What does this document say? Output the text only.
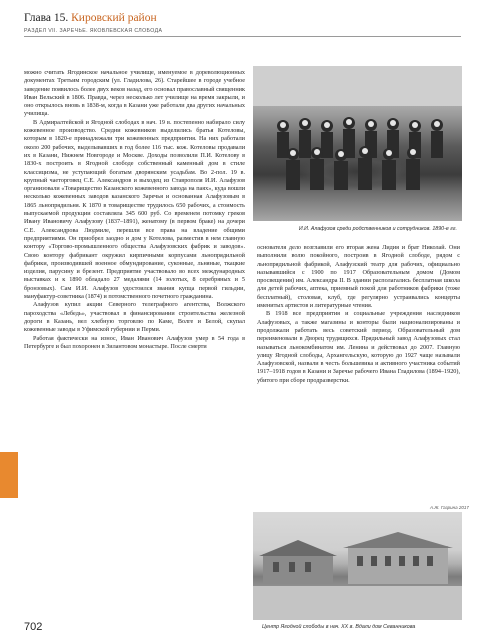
Глава 15. Кировский район
РАЗДЕЛ VII. ЗАРЕЧЬЕ. ЯКОВЛЕВСКАЯ СЛОБОДА

можно считать Ягодинское начальное училище, именуемое в дореволюционных документах Третьим городским (ул. Гладилова, 26). Старейшее в городе учебное заведение появилось более двух веков назад, его основал православный священник Иван Вельский в 1806. Правда, через несколько лет училище на время закрыли, и оно открылось вновь в 1838-м, когда в Казани уже работали два других начальных училища.

В Адмиралтейской и Ягодной слободах в нач. 19 в. постепенно набирало силу кожевенное производство. Средни кожевников выделились братья Котеловы, которым в 1820-е принадлежали три кожевенных предприятия. На них работали около 200 рабочих, выделывавших в год более 116 тыс. кож. Котеловы продавали их в Казани, Нижнем Новгороде и Москве. Доходы позволили П.И. Котелову в 1830-х построить в Ягодной слободе собственный каменный дом в стиле классицизма, не уступающий богатым дворянским усадьбам. Во 2-пол. 19 в. крупный чаеторговец С.Е. Александров и выходец из Ставрополя И.И. Алафузов организовали «Товарищество Казанского кожевенного завода на паях», куда вошли несколько кожевенных заводов казанского Заречья и основанная Алафузовым в 1865 льнопрядильня. К 1870 в товариществе трудилось 650 рабочих, а стоимость выпускаемой продукции составляла 345 600 руб. Со временем потомку греков Ивану Ивановичу Алафузову (1837–1891), женатому (в первом браке) на дочери С.Е. Александрова Людмиле, перешли все права на владение общими предприятиями. Он приобрел заодно и дом у Котелова, разместив в нем главную контору «Торгово-промышленного общества Алафузовских фабрик и заводов». Свою контору фабрикант окружил кирпичными корпусами льнопрядильной фабрики, производившей военное обмундирование, суконные, льняные, ткацкие изделия, парусину и брезент. Предприятие участвовало во всех международных выставках и к 1890 обладало 27 медалями (14 золотых, 8 серебряных и 5 бронзовых). Сам И.И. Алафузов удостоился звания купца первой гильдии, мануфактур-советника (1874) и потомственного почетного гражданина.

Алафузов купил акции Северного телеграфного агентства, Волжского пароходства «Лебедь», участвовал в финансировании строительства железной дороги в Казань, вел хлебную торговлю по Каме, Волге и Белой, скупал кожевенные заводы в Уфимской губернии и Перми.

Работая фактически на износ, Иван Иванович Алафузов умер в 54 года в Петербурге и был похоронен в Зилантовом монастыре. После смерти

И.И. Алафузов среди родственников и сотрудников. 1890-е гг.

основателя дело возглавили его вторая жена Лидия и брат Николай. Они выполнили волю покойного, построив в Ягодной слободе, рядом с льнопрядильной фабрикой, Алафузский театр для рабочих, официально называвшийся с 1900 по 1917 Образовательным домом (Домом просвещения) им. Александра II. В здании располагались бесплатная школа для детей рабочих, аптека, приемный покой для работников фабрики (тоже бесплатный), столовая, клуб, где регулярно устраивались концерты именитых артистов и литературные чтения.

В 1918 все предприятия и социальные учреждения наследников Алафузовых, а также магазины и конторы были национализированы и продолжали работать весь советский период. Образовательный дом переименовали в Дворец трудящихся. Прядильный завод Алафузовых стал называться льнокомбинатом им. Ленина и действовал до 2007. Главную улицу Ягодной слободы, Архангельскую, которую до 1927 чаще называли Алафузовской, назвали в честь большевика и активного участника событий 1917–1918 годов в Казани и Заречье рабочего Ивана Гладилова (1894–1920), убитого при сборе продразверстки.

А.Ж. Газрина 2017
Центр Ягодной слободы в нач. XX в. Вдали дом Севанникова
702
